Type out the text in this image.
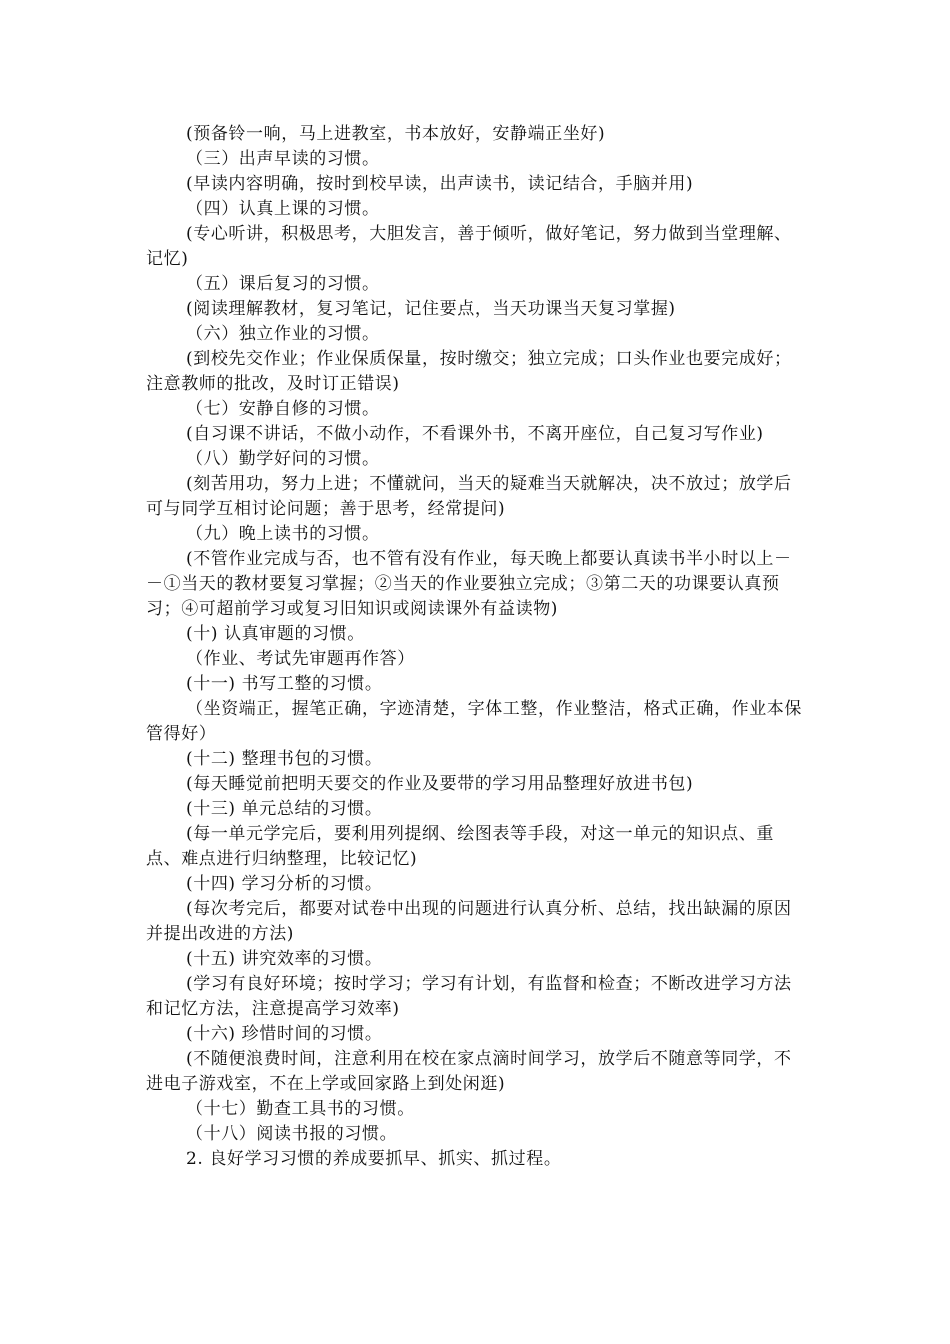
(预备铃一响，马上进教室，书本放好，安静端正坐好)
（三）出声早读的习惯。
(早读内容明确，按时到校早读，出声读书，读记结合，手脑并用)
（四）认真上课的习惯。
(专心听讲，积极思考，大胆发言，善于倾听，做好笔记，努力做到当堂理解、记忆)
（五）课后复习的习惯。
(阅读理解教材，复习笔记，记住要点，当天功课当天复习掌握)
（六）独立作业的习惯。
(到校先交作业；作业保质保量，按时缴交；独立完成；口头作业也要完成好；注意教师的批改，及时订正错误)
（七）安静自修的习惯。
(自习课不讲话，不做小动作，不看课外书，不离开座位，自己复习写作业)
（八）勤学好问的习惯。
(刻苦用功，努力上进；不懂就问，当天的疑难当天就解决，决不放过；放学后可与同学互相讨论问题；善于思考，经常提问)
（九）晚上读书的习惯。
(不管作业完成与否，也不管有没有作业，每天晚上都要认真读书半小时以上－－①当天的教材要复习掌握；②当天的作业要独立完成；③第二天的功课要认真预习；④可超前学习或复习旧知识或阅读课外有益读物)
(十) 认真审题的习惯。
（作业、考试先审题再作答）
(十一) 书写工整的习惯。
（坐资端正，握笔正确，字迹清楚，字体工整，作业整洁，格式正确，作业本保管得好）
(十二) 整理书包的习惯。
(每天睡觉前把明天要交的作业及要带的学习用品整理好放进书包)
(十三) 单元总结的习惯。
(每一单元学完后，要利用列提纲、绘图表等手段，对这一单元的知识点、重点、难点进行归纳整理，比较记忆)
(十四) 学习分析的习惯。
(每次考完后，都要对试卷中出现的问题进行认真分析、总结，找出缺漏的原因并提出改进的方法)
(十五) 讲究效率的习惯。
(学习有良好环境；按时学习；学习有计划，有监督和检查；不断改进学习方法和记忆方法，注意提高学习效率)
(十六) 珍惜时间的习惯。
(不随便浪费时间，注意利用在校在家点滴时间学习，放学后不随意等同学，不进电子游戏室，不在上学或回家路上到处闲逛)
（十七）勤查工具书的习惯。
（十八）阅读书报的习惯。
2. 良好学习习惯的养成要抓早、抓实、抓过程。
